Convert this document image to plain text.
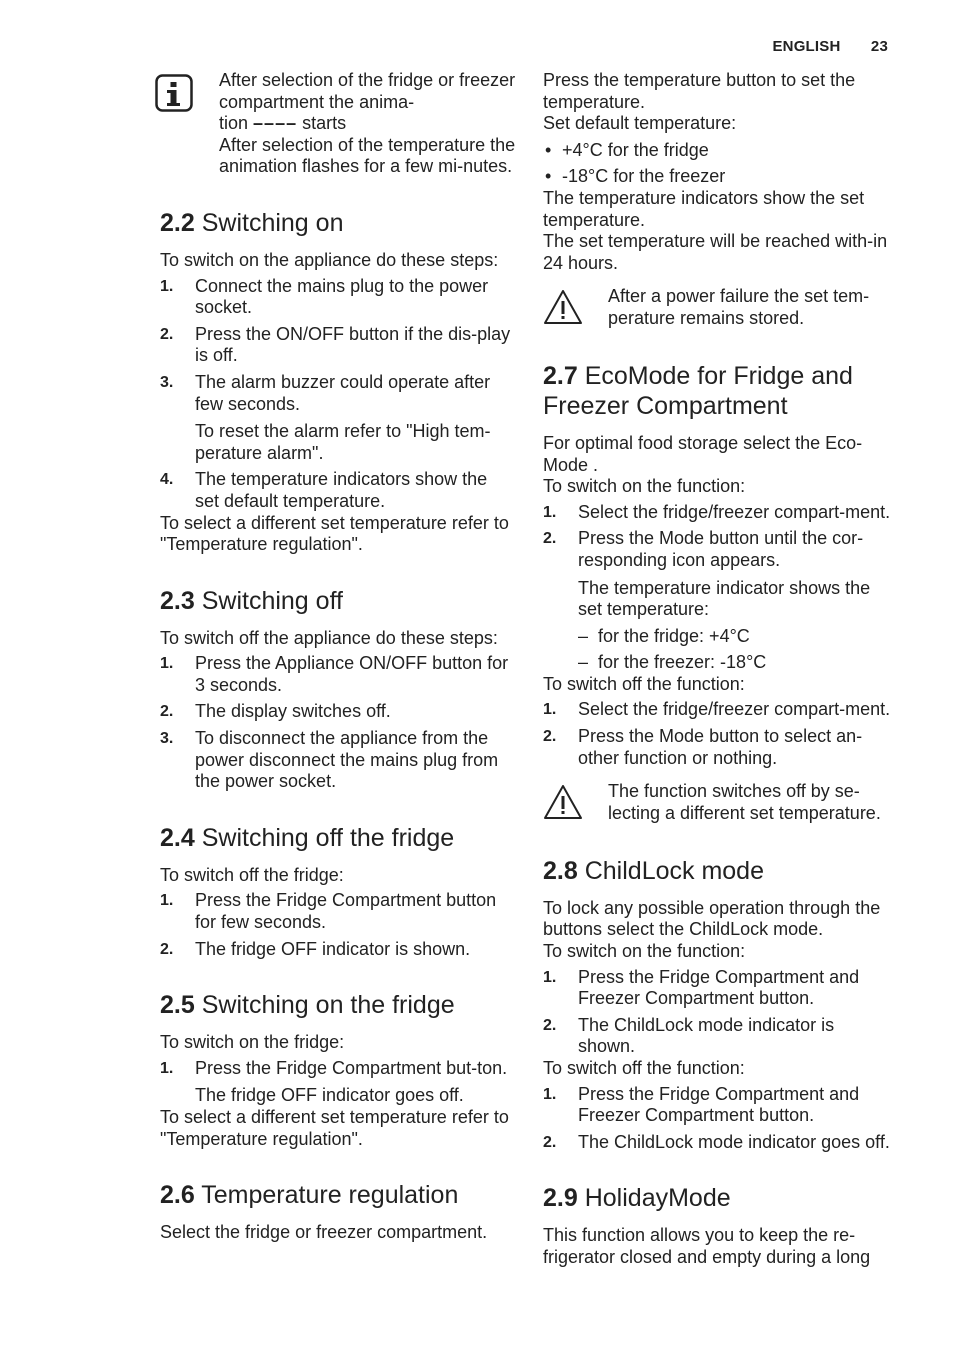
ENGLISH 23

After selection of the fridge or freezer compartment the anima-

tion –––– starts

After selection of the temperature the animation flashes for a few mi-nutes.

2.2 Switching on

To switch on the appliance do these steps:

1. Connect the mains plug to the power socket.
2. Press the ON/OFF button if the dis-play is off.
3. The alarm buzzer could operate after few seconds.

To reset the alarm refer to "High tem-perature alarm".

4. The temperature indicators show the set default temperature.

To select a different set temperature refer to "Temperature regulation".

2.3 Switching off

To switch off the appliance do these steps:

1. Press the Appliance ON/OFF button for 3 seconds.
2. The display switches off.
3. To disconnect the appliance from the power disconnect the mains plug from the power socket.
2.4 Switching off the fridge

To switch off the fridge:

1. Press the Fridge Compartment button for few seconds.
2. The fridge OFF indicator is shown.
2.5 Switching on the fridge

To switch on the fridge:

1. Press the Fridge Compartment but-ton.

The fridge OFF indicator goes off.

To select a different set temperature refer to "Temperature regulation".

2.6 Temperature regulation

Select the fridge or freezer compartment.

Press the temperature button to set the temperature.

Set default temperature:

• +4°C for the fridge
• -18°C for the freezer

The temperature indicators show the set temperature.

The set temperature will be reached with-in 24 hours.

After a power failure the set tem-perature remains stored.
2.7 EcoMode for Fridge and Freezer Compartment

For optimal food storage select the Eco-Mode .

To switch on the function:

1. Select the fridge/freezer compart-ment.
2. Press the Mode button until the cor-responding icon appears.

The temperature indicator shows the set temperature:

– for the fridge: +4°C
– for the freezer: -18°C

To switch off the function:

1. Select the fridge/freezer compart-ment.
2. Press the Mode button to select an-other function or nothing.
The function switches off by se-lecting a different set temperature.
2.8 ChildLock mode

To lock any possible operation through the buttons select the ChildLock mode.

To switch on the function:

1. Press the Fridge Compartment and Freezer Compartment button.
2. The ChildLock mode indicator is shown.

To switch off the function:

1. Press the Fridge Compartment and Freezer Compartment button.
2. The ChildLock mode indicator goes off.
2.9 HolidayMode

This function allows you to keep the re-frigerator closed and empty during a long
